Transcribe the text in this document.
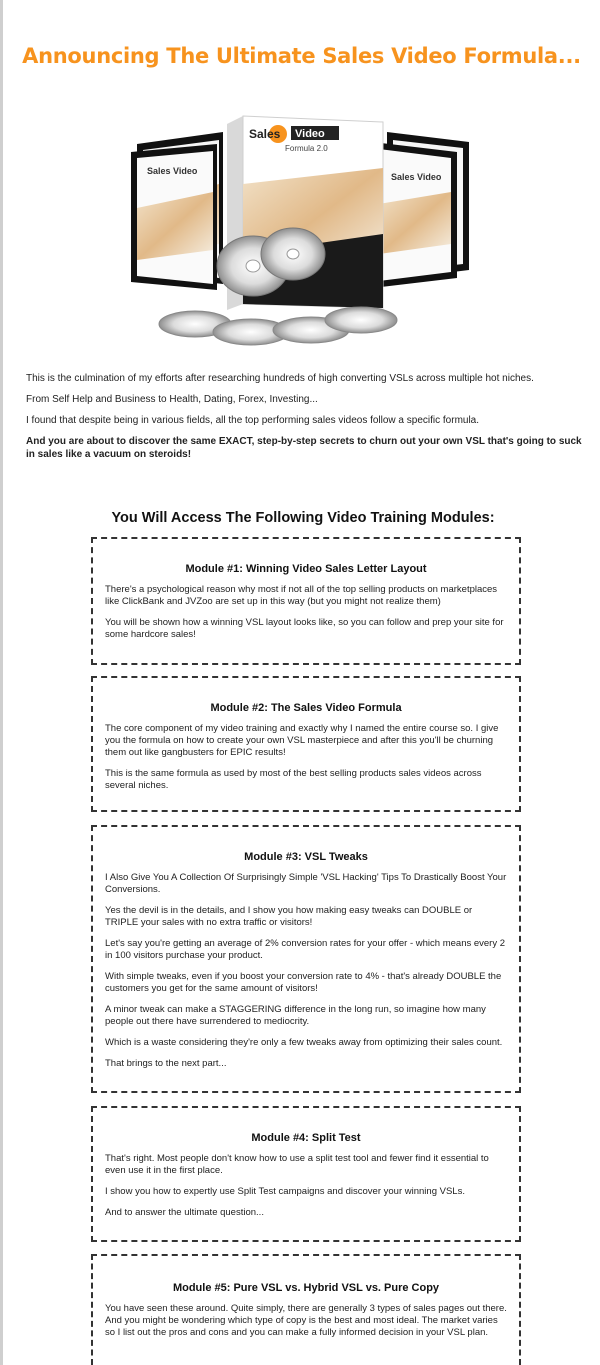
Announcing The Ultimate Sales Video Formula...
Sales Video
Sales Video
Sales Video
Formula 2.0

This is the culmination of my efforts after researching hundreds of high converting VSLs across multiple hot niches.

From Self Help and Business to Health, Dating, Forex, Investing...

I found that despite being in various fields, all the top performing sales videos follow a specific formula.

And you are about to discover the same EXACT, step-by-step secrets to churn out your own VSL that's going to suck in sales like a vacuum on steroids!

You Will Access The Following Video Training Modules:
Module #1: Winning Video Sales Letter Layout

There's a psychological reason why most if not all of the top selling products on marketplaces like ClickBank and JVZoo are set up in this way (but you might not realize them)

You will be shown how a winning VSL layout looks like, so you can follow and prep your site for some hardcore sales!

Module #2: The Sales Video Formula

The core component of my video training and exactly why I named the entire course so. I give you the formula on how to create your own VSL masterpiece and after this you'll be churning them out like gangbusters for EPIC results!

This is the same formula as used by most of the best selling products sales videos across several niches.

Module #3: VSL Tweaks

I Also Give You A Collection Of Surprisingly Simple 'VSL Hacking' Tips To Drastically Boost Your Conversions.

Yes the devil is in the details, and I show you how making easy tweaks can DOUBLE or TRIPLE your sales with no extra traffic or visitors!

Let's say you're getting an average of 2% conversion rates for your offer - which means every 2 in 100 visitors purchase your product.

With simple tweaks, even if you boost your conversion rate to 4% - that's already DOUBLE the customers you get for the same amount of visitors!

A minor tweak can make a STAGGERING difference in the long run, so imagine how many people out there have surrendered to mediocrity.

Which is a waste considering they're only a few tweaks away from optimizing their sales count.

That brings to the next part...

Module #4: Split Test

That's right. Most people don't know how to use a split test tool and fewer find it essential to even use it in the first place.

I show you how to expertly use Split Test campaigns and discover your winning VSLs.

And to answer the ultimate question...

Module #5: Pure VSL vs. Hybrid VSL vs. Pure Copy

You have seen these around. Quite simply, there are generally 3 types of sales pages out there. And you might be wondering which type of copy is the best and most ideal. The market varies so I list out the pros and cons and you can make a fully informed decision in your VSL plan.
